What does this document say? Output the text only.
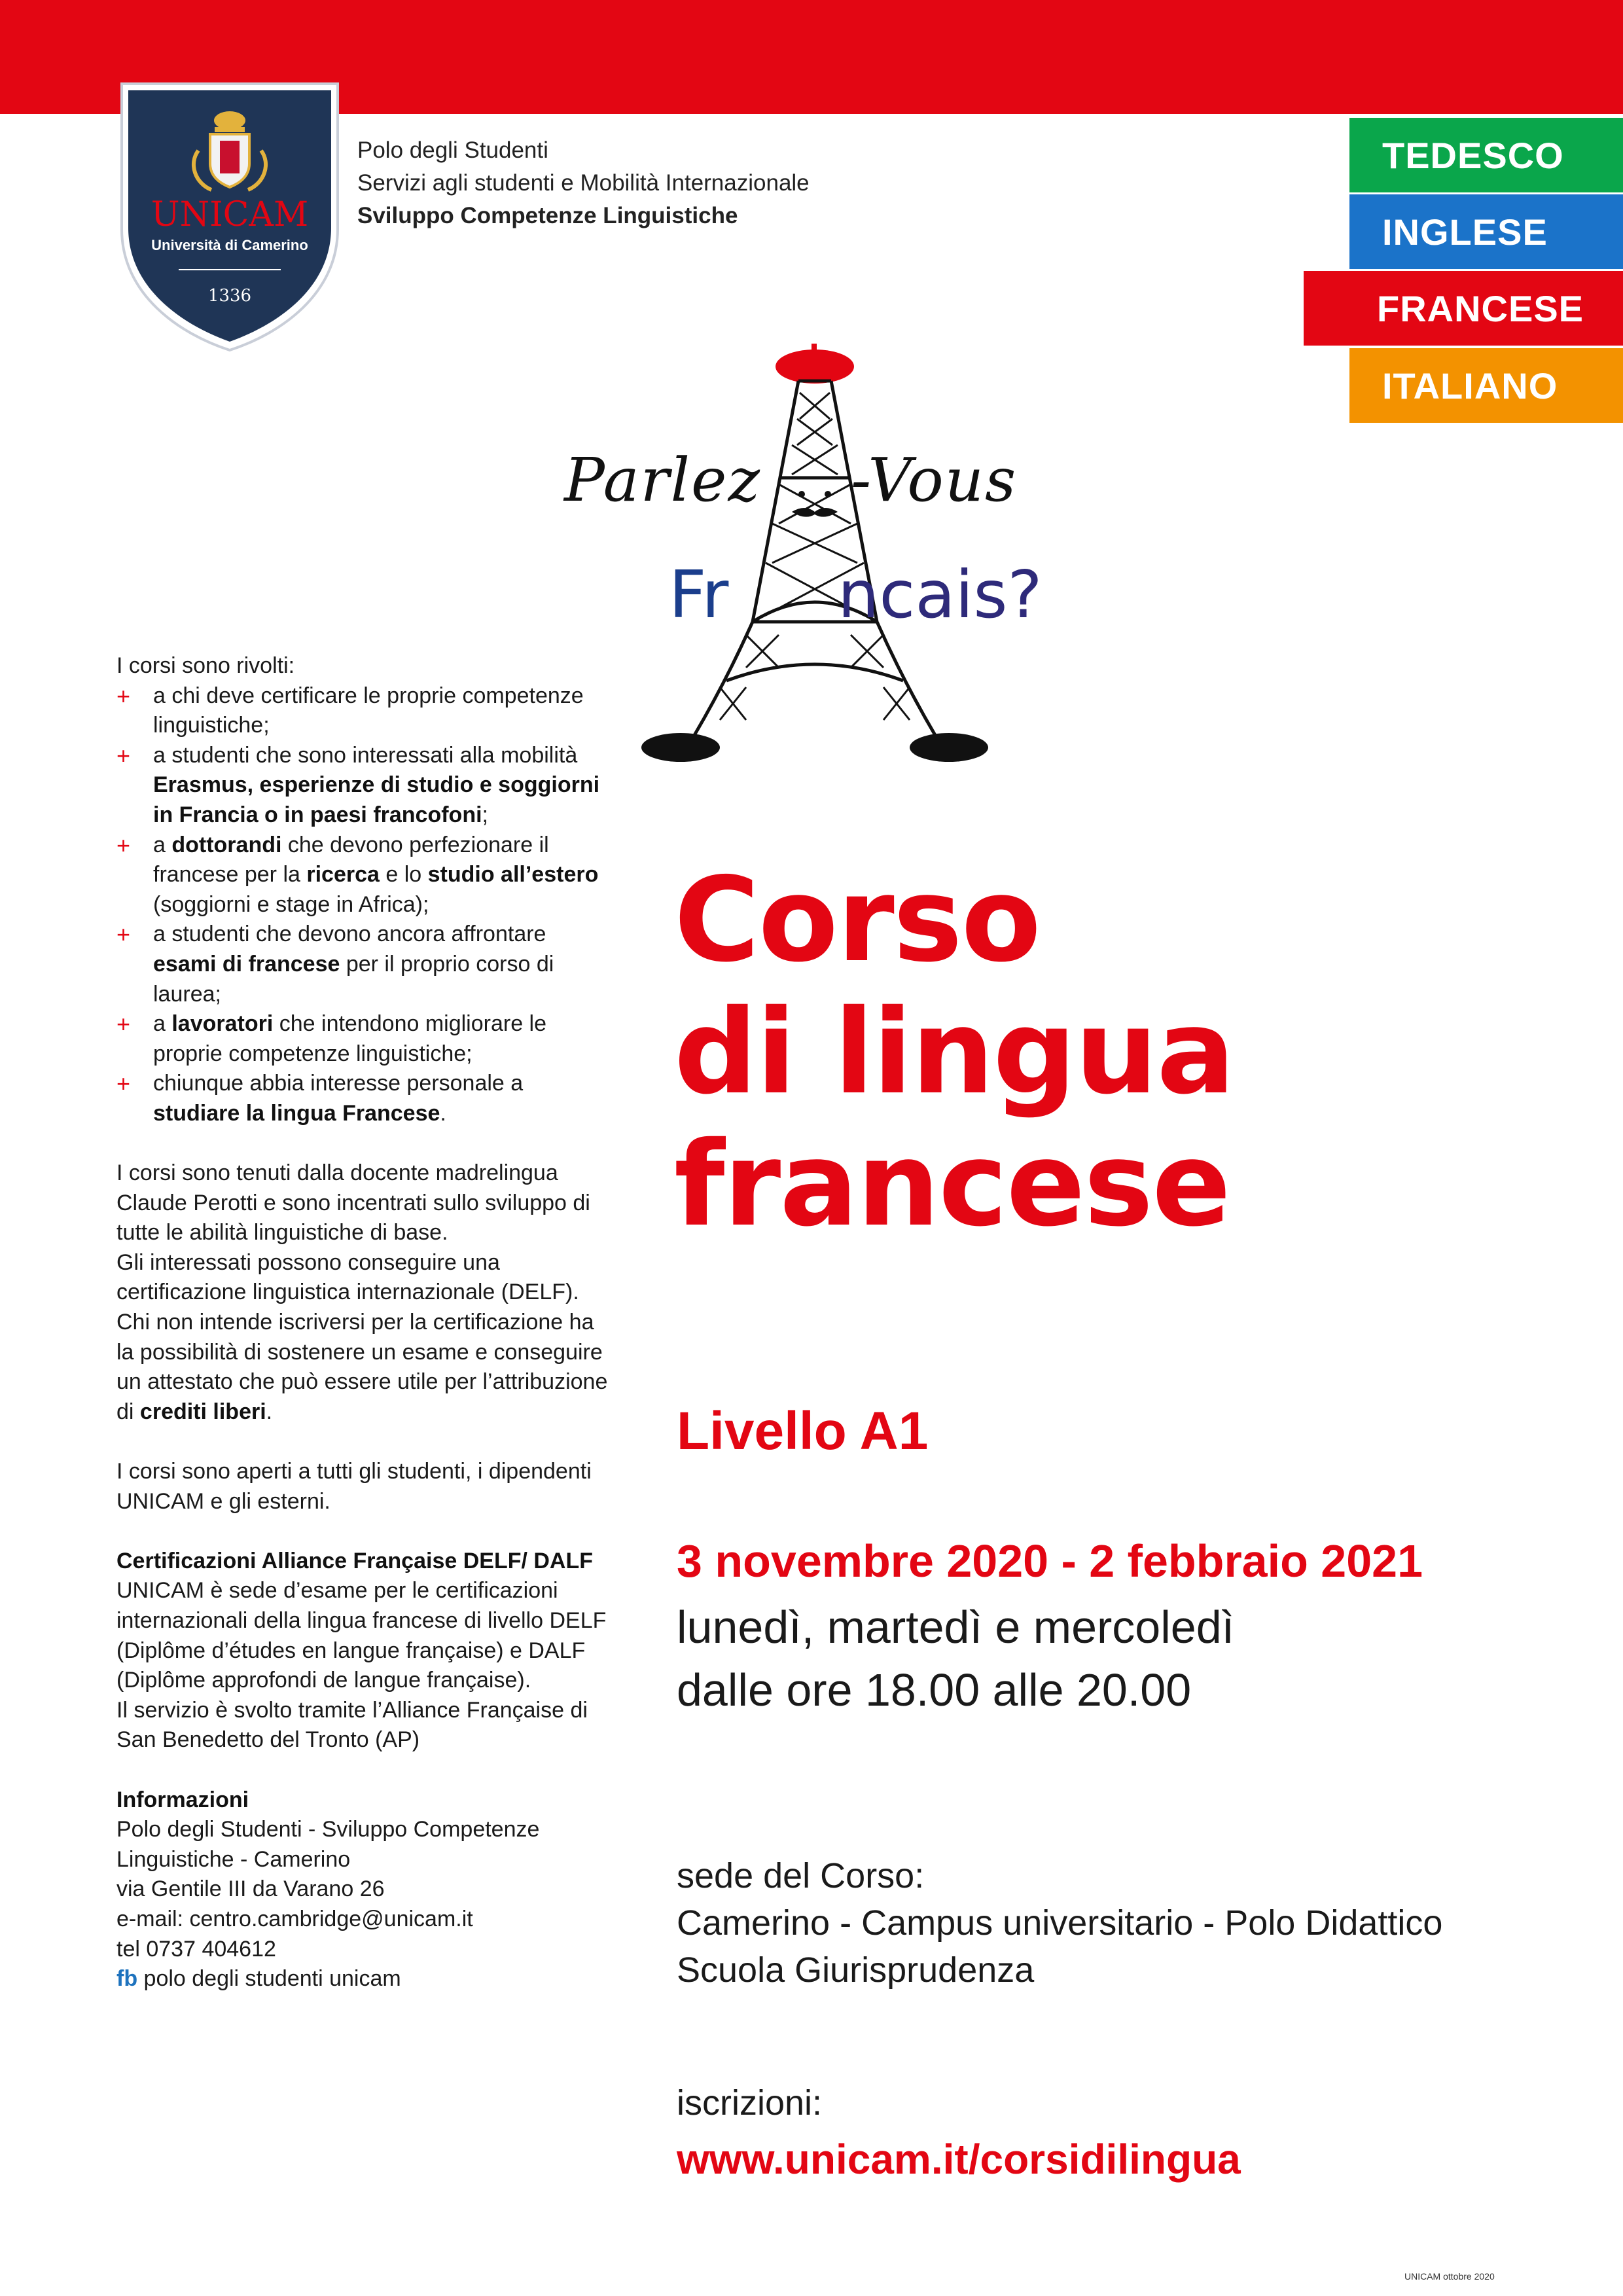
UNICAM
Università di Camerino
1336
Polo degli Studenti
Servizi agli studenti e Mobilità Internazionale
Sviluppo Competenze Linguistiche
TEDESCO
INGLESE
FRANCESE
ITALIANO
Parlez -Vous
Fr ncais?

I corsi sono rivolti:

+ a chi deve certificare le proprie competenze linguistiche;
+ a studenti che sono interessati alla mobilità Erasmus, esperienze di studio e soggiorni in Francia o in paesi francofoni;
+ a dottorandi che devono perfezionare il francese per la ricerca e lo studio all’estero (soggiorni e stage in Africa);
+ a studenti che devono ancora affrontare esami di francese per il proprio corso di laurea;
+ a lavoratori che intendono migliorare le proprie competenze linguistiche;
+ chiunque abbia interesse personale a studiare la lingua Francese.

I corsi sono tenuti dalla docente madrelingua Claude Perotti e sono incentrati sullo sviluppo di tutte le abilità linguistiche di base.

Gli interessati possono conseguire una certificazione linguistica internazionale (DELF).

Chi non intende iscriversi per la certificazione ha la possibilità di sostenere un esame e conseguire un attestato che può essere utile per l’attribuzione di crediti liberi.

I corsi sono aperti a tutti gli studenti, i dipendenti UNICAM e gli esterni.

Certificazioni Alliance Française DELF/ DALF

UNICAM è sede d’esame per le certificazioni internazionali della lingua francese di livello DELF (Diplôme d’études en langue française) e DALF (Diplôme approfondi de langue française).

Il servizio è svolto tramite l’Alliance Française di San Benedetto del Tronto (AP)

Informazioni

Polo degli Studenti - Sviluppo Competenze Linguistiche - Camerino

via Gentile III da Varano 26

e-mail: centro.cambridge@unicam.it

tel 0737 404612

fb polo degli studenti unicam

Corso
di lingua
francese
Livello A1
3 novembre 2020 - 2 febbraio 2021
lunedì, martedì e mercoledì
dalle ore 18.00 alle 20.00
sede del Corso:
Camerino - Campus universitario - Polo Didattico
Scuola Giurisprudenza
iscrizioni:
www.unicam.it/corsidilingua
UNICAM ottobre 2020
